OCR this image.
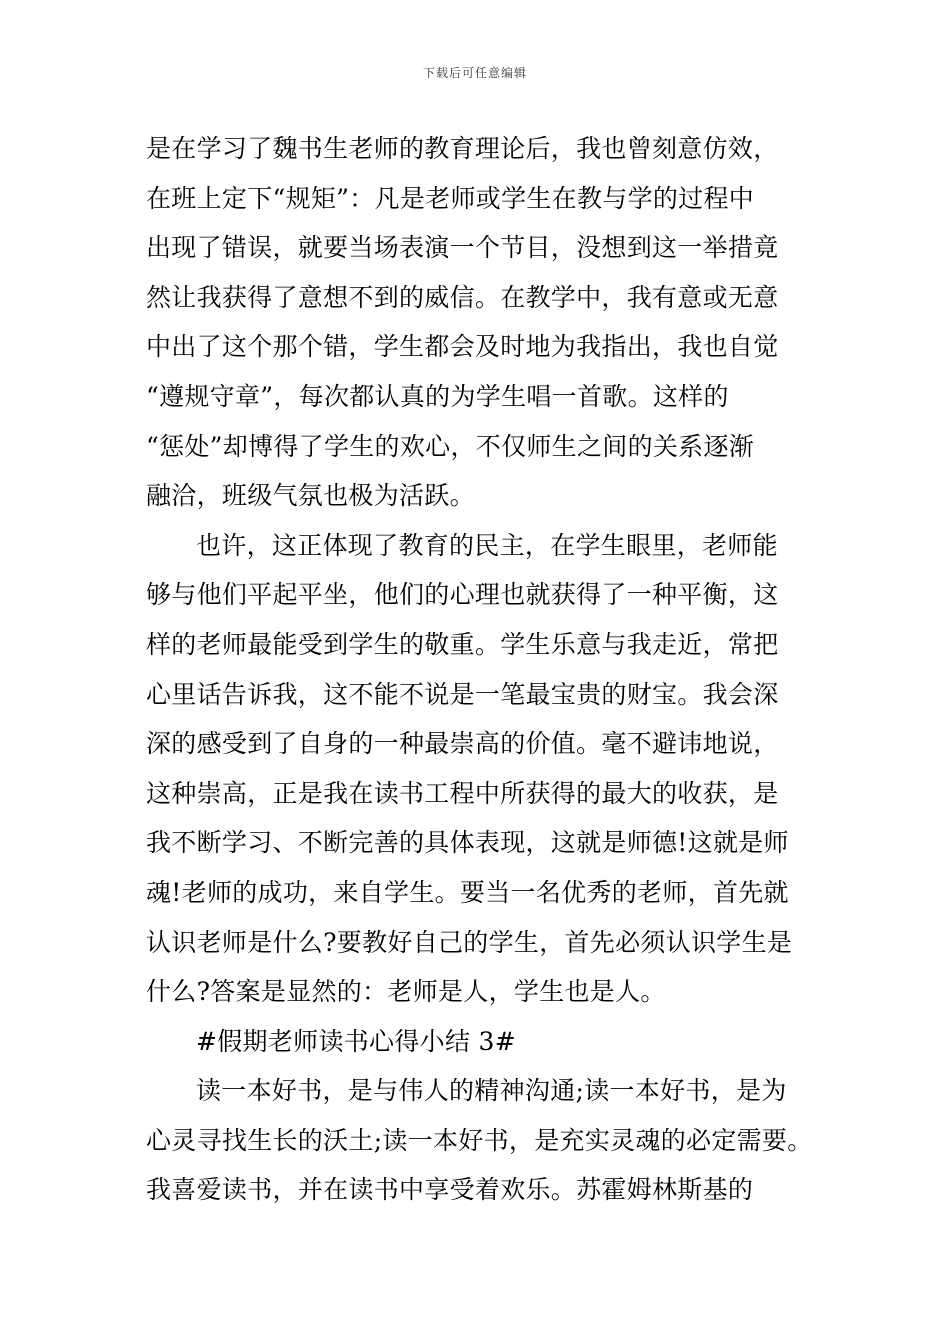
下载后可任意编辑
是在学习了魏书生老师的教育理论后，我也曾刻意仿效，
在班上定下“规矩”：凡是老师或学生在教与学的过程中
出现了错误，就要当场表演一个节目，没想到这一举措竟
然让我获得了意想不到的威信。在教学中，我有意或无意
中出了这个那个错，学生都会及时地为我指出，我也自觉
“遵规守章”，每次都认真的为学生唱一首歌。这样的
“惩处”却博得了学生的欢心，不仅师生之间的关系逐渐
融洽，班级气氛也极为活跃。
也许，这正体现了教育的民主，在学生眼里，老师能
够与他们平起平坐，他们的心理也就获得了一种平衡，这
样的老师最能受到学生的敬重。学生乐意与我走近，常把
心里话告诉我，这不能不说是一笔最宝贵的财宝。我会深
深的感受到了自身的一种最崇高的价值。毫不避讳地说，
这种崇高，正是我在读书工程中所获得的最大的收获，是
我不断学习、不断完善的具体表现，这就是师德!这就是师
魂!老师的成功，来自学生。要当一名优秀的老师，首先就
认识老师是什么?要教好自己的学生，首先必须认识学生是
什么?答案是显然的：老师是人，学生也是人。
#假期老师读书心得小结 3#
读一本好书，是与伟人的精神沟通;读一本好书，是为
心灵寻找生长的沃土;读一本好书，是充实灵魂的必定需要。
我喜爱读书，并在读书中享受着欢乐。苏霍姆林斯基的
